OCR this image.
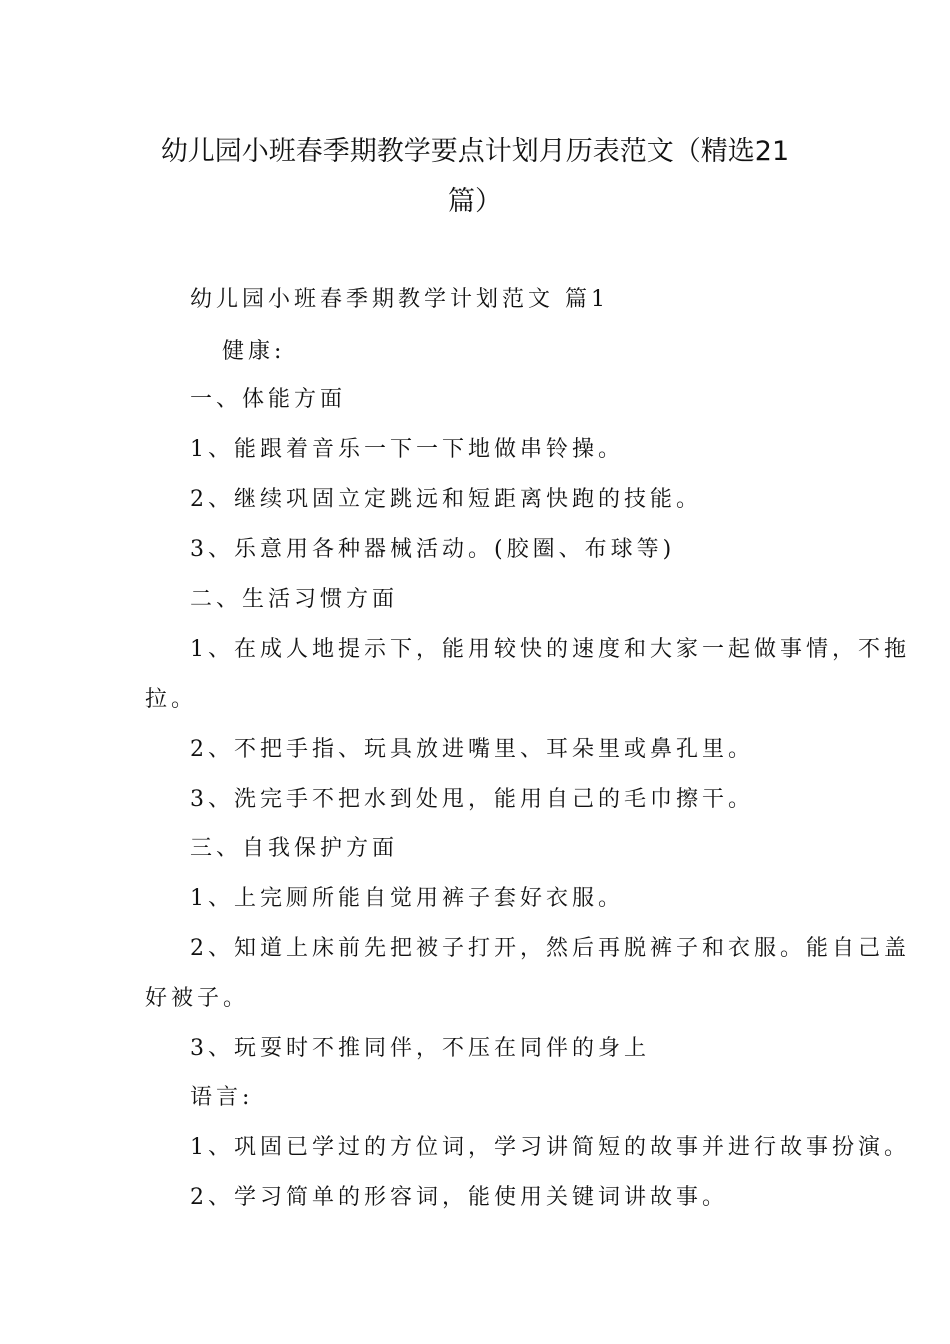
幼儿园小班春季期教学要点计划月历表范文（精选21
篇）
幼儿园小班春季期教学计划范文 篇1
健康:
一、体能方面
1、能跟着音乐一下一下地做串铃操。
2、继续巩固立定跳远和短距离快跑的技能。
3、乐意用各种器械活动。(胶圈、布球等)
二、生活习惯方面
1、在成人地提示下，能用较快的速度和大家一起做事情，不拖
拉。
2、不把手指、玩具放进嘴里、耳朵里或鼻孔里。
3、洗完手不把水到处甩，能用自己的毛巾擦干。
三、自我保护方面
1、上完厕所能自觉用裤子套好衣服。
2、知道上床前先把被子打开，然后再脱裤子和衣服。能自己盖
好被子。
3、玩耍时不推同伴，不压在同伴的身上
语言:
1、巩固已学过的方位词，学习讲简短的故事并进行故事扮演。
2、学习简单的形容词，能使用关键词讲故事。
